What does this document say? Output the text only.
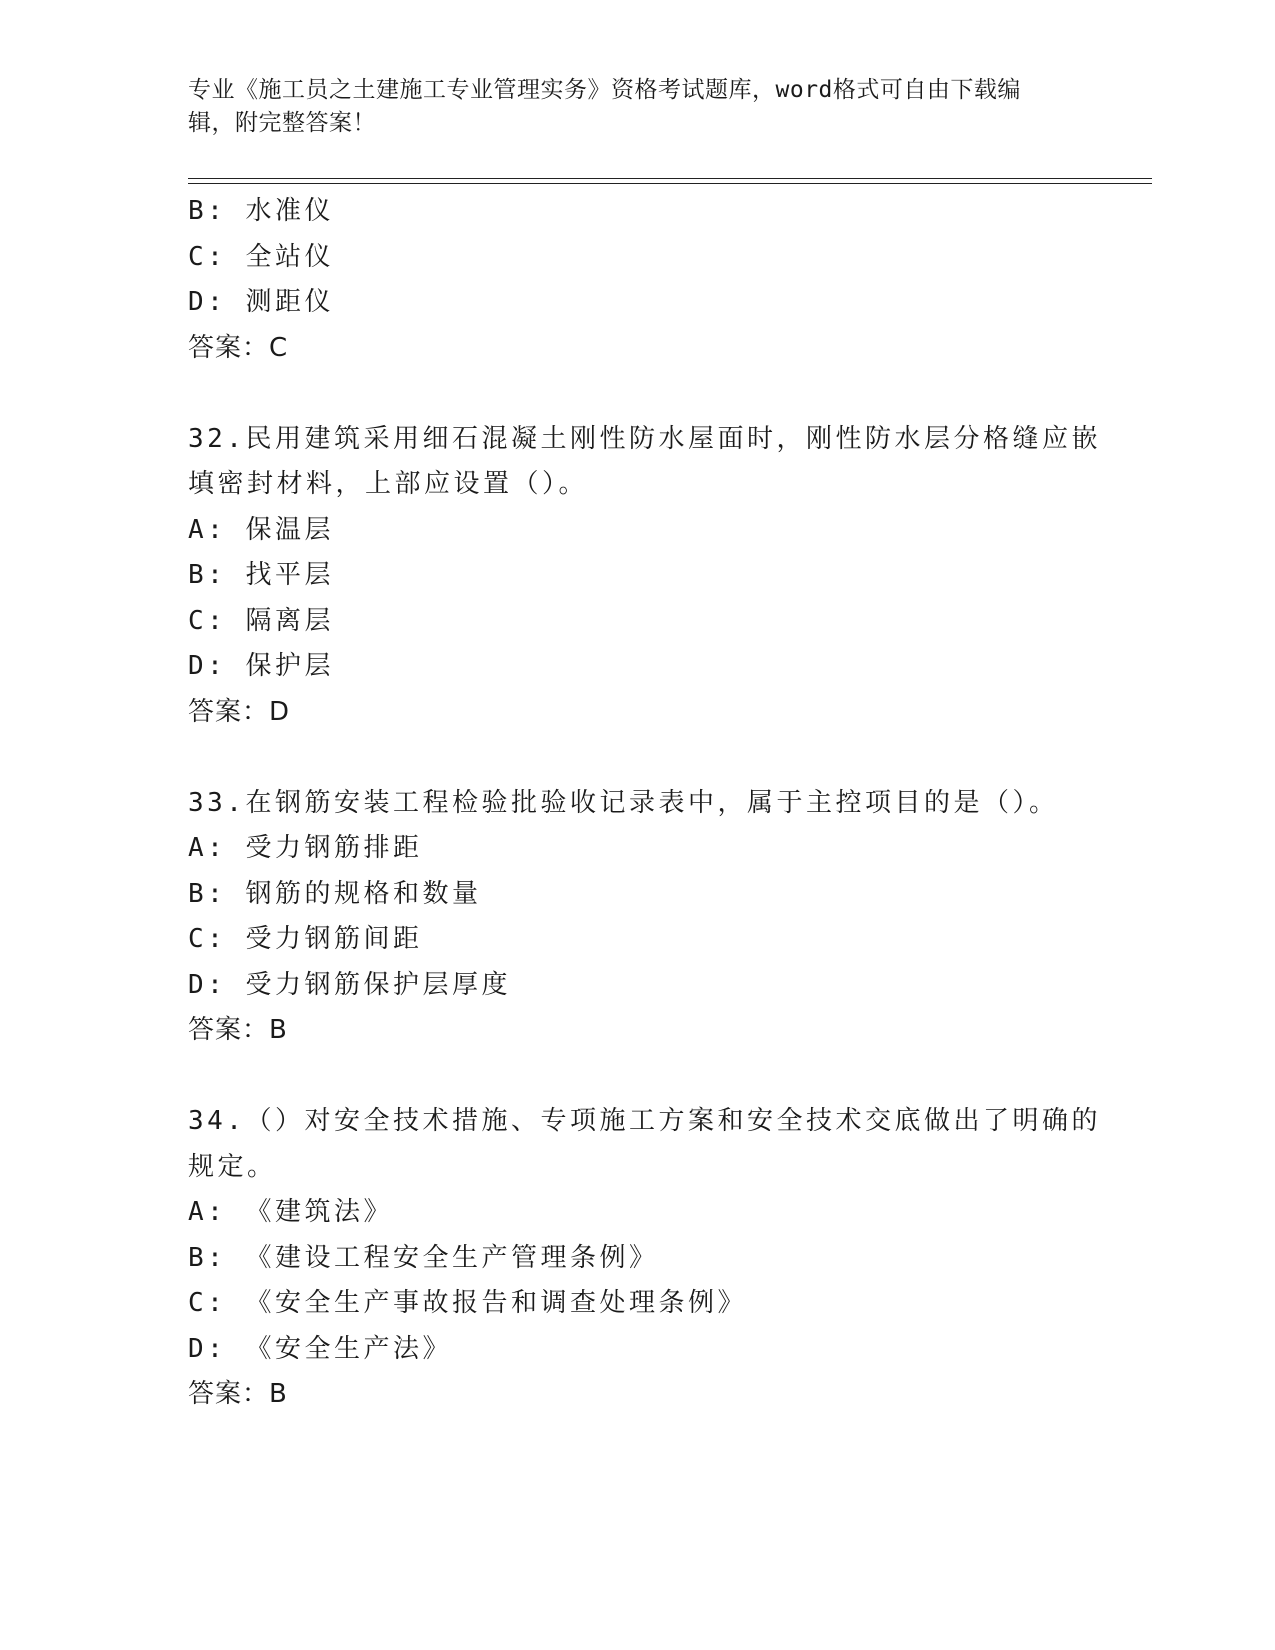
专业《施工员之土建施工专业管理实务》资格考试题库，word格式可自由下载编
辑，附完整答案！
B: 水准仪
C: 全站仪
D: 测距仪
答案：C
32.民用建筑采用细石混凝土刚性防水屋面时，刚性防水层分格缝应嵌
填密封材料，上部应设置（）。
A: 保温层
B: 找平层
C: 隔离层
D: 保护层
答案：D
33.在钢筋安装工程检验批验收记录表中，属于主控项目的是（）。
A: 受力钢筋排距
B: 钢筋的规格和数量
C: 受力钢筋间距
D: 受力钢筋保护层厚度
答案：B
34.（）对安全技术措施、专项施工方案和安全技术交底做出了明确的
规定。
A: 《建筑法》
B: 《建设工程安全生产管理条例》
C: 《安全生产事故报告和调查处理条例》
D: 《安全生产法》
答案：B
